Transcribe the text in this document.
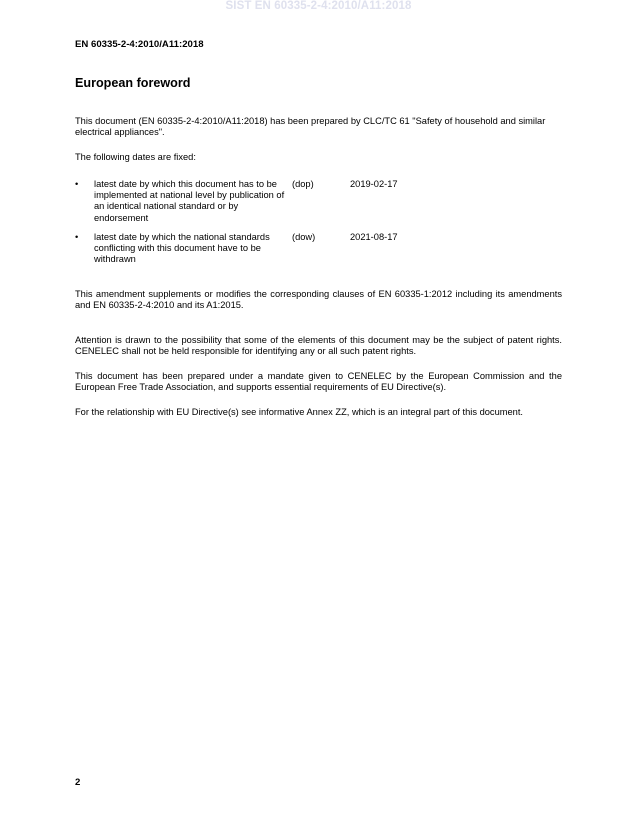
SIST EN 60335-2-4:2010/A11:2018
EN 60335-2-4:2010/A11:2018
European foreword
This document (EN 60335-2-4:2010/A11:2018) has been prepared by CLC/TC 61 "Safety of household and similar electrical appliances".
The following dates are fixed:
• latest date by which this document has to be implemented at national level by publication of an identical national standard or by endorsement
(dop)	2019-02-17
• latest date by which the national standards conflicting with this document have to be withdrawn
(dow)	2021-08-17
This amendment supplements or modifies the corresponding clauses of EN 60335-1:2012 including its amendments and EN 60335-2-4:2010 and its A1:2015.
Attention is drawn to the possibility that some of the elements of this document may be the subject of patent rights. CENELEC shall not be held responsible for identifying any or all such patent rights.
This document has been prepared under a mandate given to CENELEC by the European Commission and the European Free Trade Association, and supports essential requirements of EU Directive(s).
For the relationship with EU Directive(s) see informative Annex ZZ, which is an integral part of this document.
2
